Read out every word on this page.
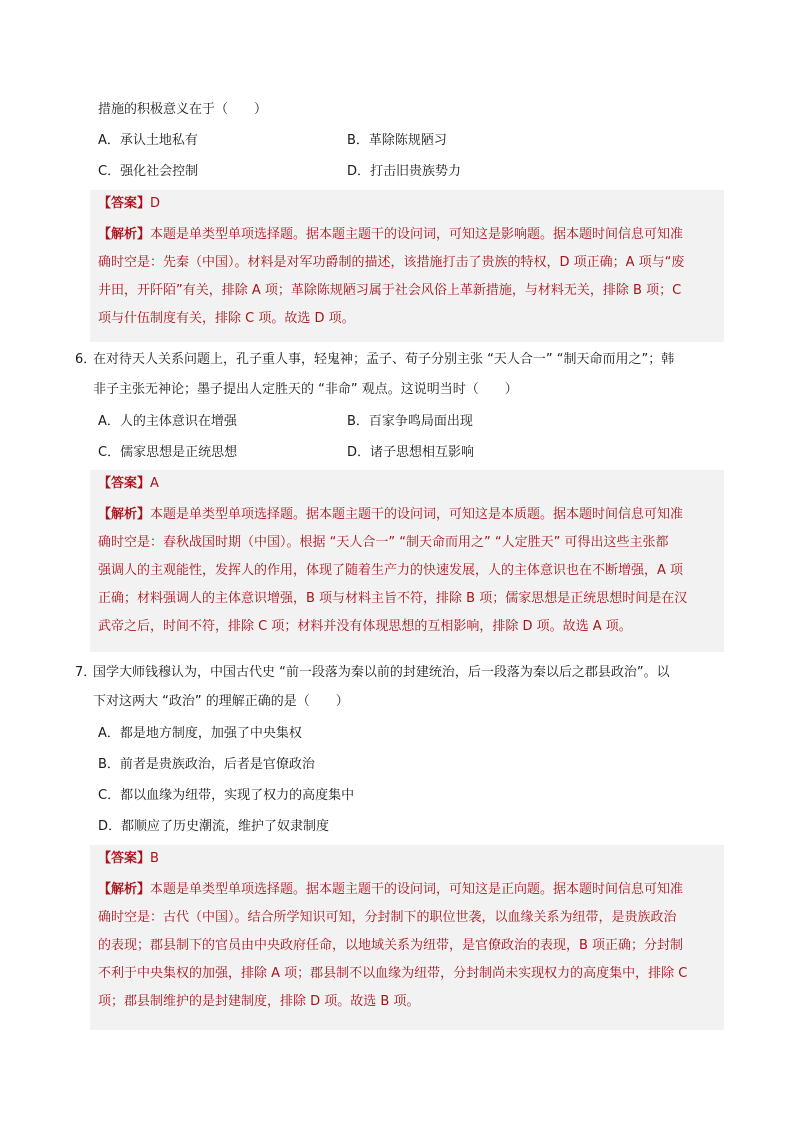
措施的积极意义在于（　　）
A．承认土地私有	B．革除陈规陋习
C．强化社会控制	D．打击旧贵族势力
【答案】D
【解析】本题是单类型单项选择题。据本题主题干的设问词，可知这是影响题。据本题时间信息可知准
确时空是：先秦（中国）。材料是对军功爵制的描述，该措施打击了贵族的特权，D 项正确；A 项与“废
井田，开阡陌”有关，排除 A 项；革除陈规陋习属于社会风俗上革新措施，与材料无关，排除 B 项；C
项与什伍制度有关，排除 C 项。故选 D 项。
6．
在对待天人关系问题上，孔子重人事，轻鬼神；孟子、荀子分别主张 “天人合一” “制天命而用之”；韩
非子主张无神论；墨子提出人定胜天的 “非命” 观点。这说明当时（　　）
A．人的主体意识在增强	B．百家争鸣局面出现
C．儒家思想是正统思想	D．诸子思想相互影响
【答案】A
【解析】本题是单类型单项选择题。据本题主题干的设问词，可知这是本质题。据本题时间信息可知准
确时空是：春秋战国时期（中国）。根据 “天人合一” “制天命而用之” “人定胜天” 可得出这些主张都
强调人的主观能性，发挥人的作用，体现了随着生产力的快速发展，人的主体意识也在不断增强，A 项
正确；材料强调人的主体意识增强，B 项与材料主旨不符，排除 B 项；儒家思想是正统思想时间是在汉
武帝之后，时间不符，排除 C 项；材料并没有体现思想的互相影响，排除 D 项。故选 A 项。
7．
国学大师钱穆认为，中国古代史 “前一段落为秦以前的封建统治，后一段落为秦以后之郡县政治”。以
下对这两大 “政治” 的理解正确的是（　　）
A．都是地方制度，加强了中央集权
B．前者是贵族政治，后者是官僚政治
C．都以血缘为纽带，实现了权力的高度集中
D．都顺应了历史潮流，维护了奴隶制度
【答案】B
【解析】本题是单类型单项选择题。据本题主题干的设问词，可知这是正向题。据本题时间信息可知准
确时空是：古代（中国）。结合所学知识可知，分封制下的职位世袭，以血缘关系为纽带，是贵族政治
的表现；郡县制下的官员由中央政府任命，以地域关系为纽带，是官僚政治的表现，B 项正确；分封制
不利于中央集权的加强，排除 A 项；郡县制不以血缘为纽带，分封制尚未实现权力的高度集中，排除 C
项；郡县制维护的是封建制度，排除 D 项。故选 B 项。
